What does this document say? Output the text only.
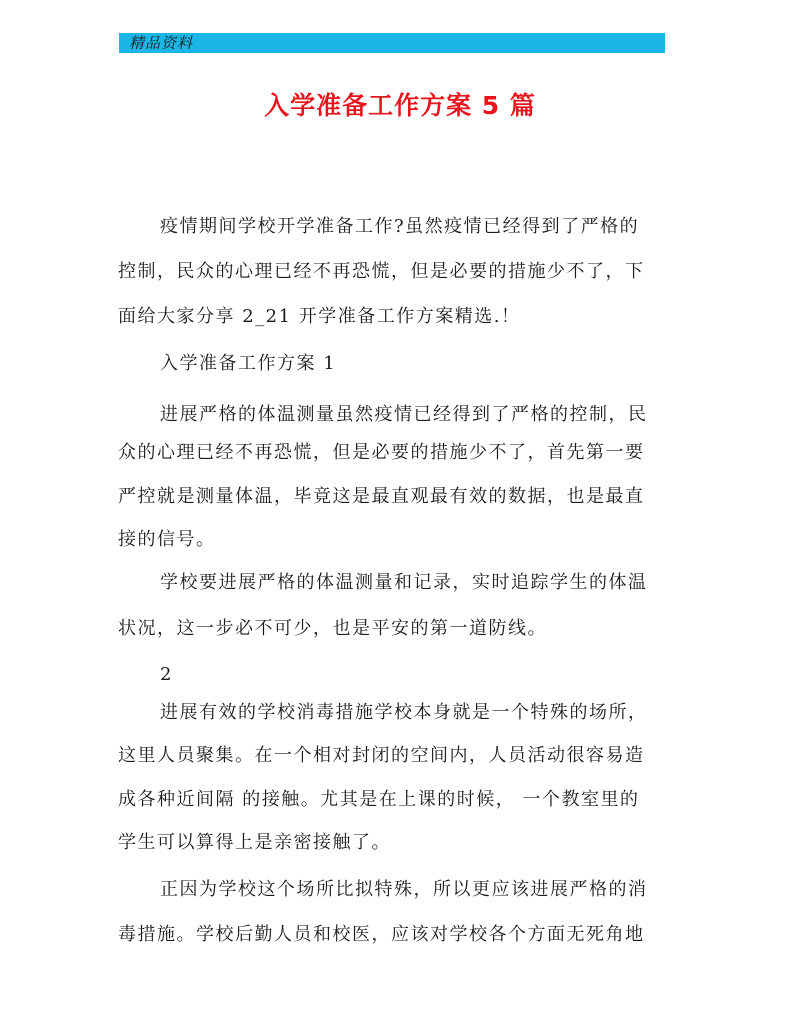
精品资料
入学准备工作方案 5 篇
疫情期间学校开学准备工作?虽然疫情已经得到了严格的
控制，民众的心理已经不再恐慌，但是必要的措施少不了，下
面给大家分享 2_21 开学准备工作方案精选.！
入学准备工作方案 1
进展严格的体温测量虽然疫情已经得到了严格的控制，民
众的心理已经不再恐慌，但是必要的措施少不了，首先第一要
严控就是测量体温，毕竟这是最直观最有效的数据，也是最直
接的信号。
学校要进展严格的体温测量和记录，实时追踪学生的体温
状况，这一步必不可少，也是平安的第一道防线。
2
进展有效的学校消毒措施学校本身就是一个特殊的场所，
这里人员聚集。在一个相对封闭的空间内，人员活动很容易造
成各种近间隔 的接触。尤其是在上课的时候， 一个教室里的
学生可以算得上是亲密接触了。
正因为学校这个场所比拟特殊，所以更应该进展严格的消
毒措施。学校后勤人员和校医，应该对学校各个方面无死角地
